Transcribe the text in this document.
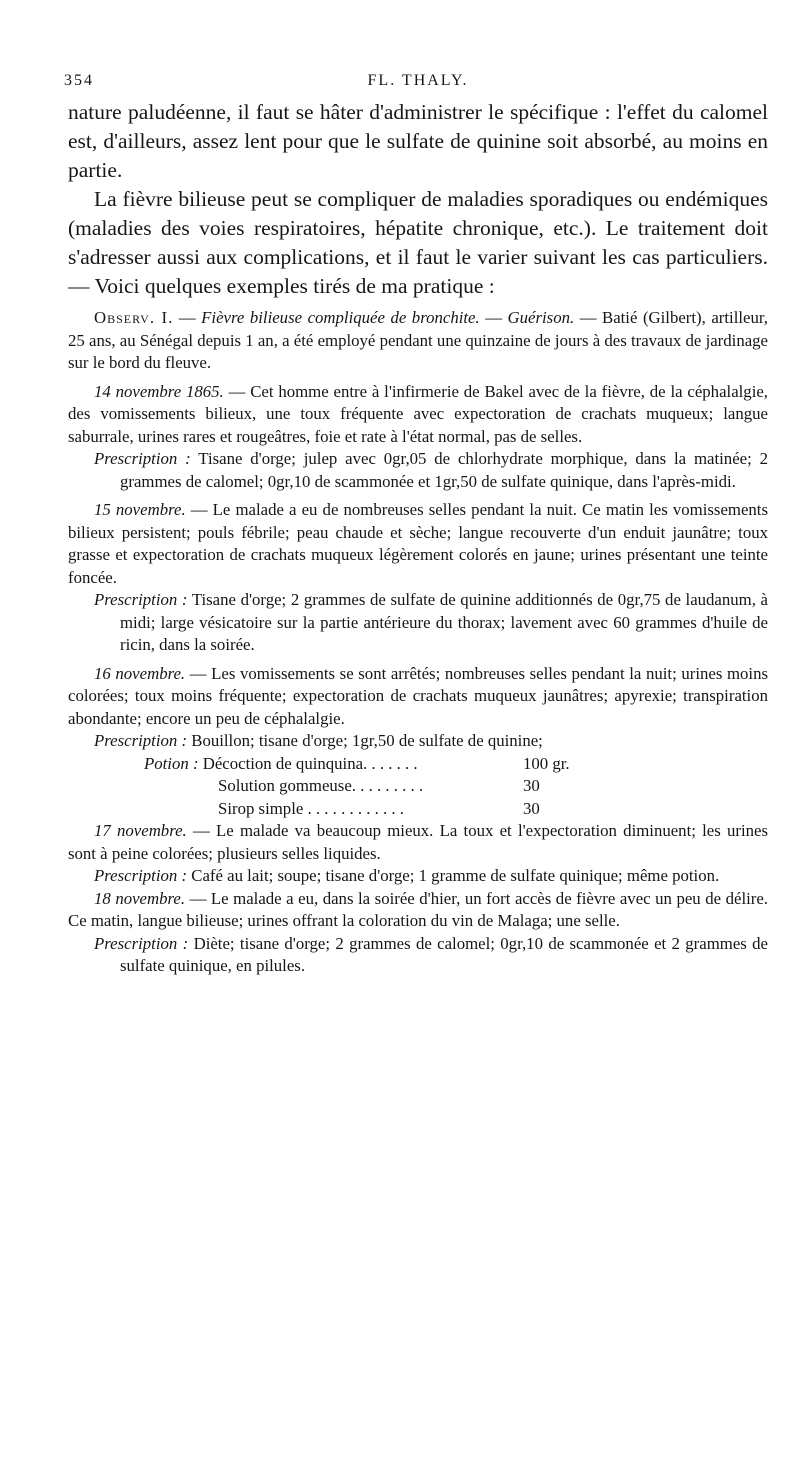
354	FL. THALY.

nature paludéenne, il faut se hâter d'administrer le spécifique : l'effet du calomel est, d'ailleurs, assez lent pour que le sulfate de quinine soit absorbé, au moins en partie.

La fièvre bilieuse peut se compliquer de maladies sporadiques ou endémiques (maladies des voies respiratoires, hépatite chronique, etc.). Le traitement doit s'adresser aussi aux complications, et il faut le varier suivant les cas particuliers. — Voici quelques exemples tirés de ma pratique :

Observ. I. — Fièvre bilieuse compliquée de bronchite. — Guérison. — Batié (Gilbert), artilleur, 25 ans, au Sénégal depuis 1 an, a été employé pendant une quinzaine de jours à des travaux de jardinage sur le bord du fleuve.

14 novembre 1865. — Cet homme entre à l'infirmerie de Bakel avec de la fièvre, de la céphalalgie, des vomissements bilieux, une toux fréquente avec expectoration de crachats muqueux; langue saburrale, urines rares et rougeâtres, foie et rate à l'état normal, pas de selles.

Prescription : Tisane d'orge; julep avec 0gr,05 de chlorhydrate morphique, dans la matinée; 2 grammes de calomel; 0gr,10 de scammonée et 1gr,50 de sulfate quinique, dans l'après-midi.

15 novembre. — Le malade a eu de nombreuses selles pendant la nuit. Ce matin les vomissements bilieux persistent; pouls fébrile; peau chaude et sèche; langue recouverte d'un enduit jaunâtre; toux grasse et expectoration de crachats muqueux légèrement colorés en jaune; urines présentant une teinte foncée.

Prescription : Tisane d'orge; 2 grammes de sulfate de quinine additionnés de 0gr,75 de laudanum, à midi; large vésicatoire sur la partie antérieure du thorax; lavement avec 60 grammes d'huile de ricin, dans la soirée.

16 novembre. — Les vomissements se sont arrêtés; nombreuses selles pendant la nuit; urines moins colorées; toux moins fréquente; expectoration de crachats muqueux jaunâtres; apyrexie; transpiration abondante; encore un peu de céphalalgie.

Prescription : Bouillon; tisane d'orge; 1gr,50 de sulfate de quinine;

Potion : Décoction de quinquina. . . . . . .	100 gr.
Solution gommeuse. . . . . . . . .	30
Sirop simple . . . . . . . . . . . .	30

17 novembre. — Le malade va beaucoup mieux. La toux et l'expectoration diminuent; les urines sont à peine colorées; plusieurs selles liquides.

Prescription : Café au lait; soupe; tisane d'orge; 1 gramme de sulfate quinique; même potion.

18 novembre. — Le malade a eu, dans la soirée d'hier, un fort accès de fièvre avec un peu de délire. Ce matin, langue bilieuse; urines offrant la coloration du vin de Malaga; une selle.

Prescription : Diète; tisane d'orge; 2 grammes de calomel; 0gr,10 de scammonée et 2 grammes de sulfate quinique, en pilules.
